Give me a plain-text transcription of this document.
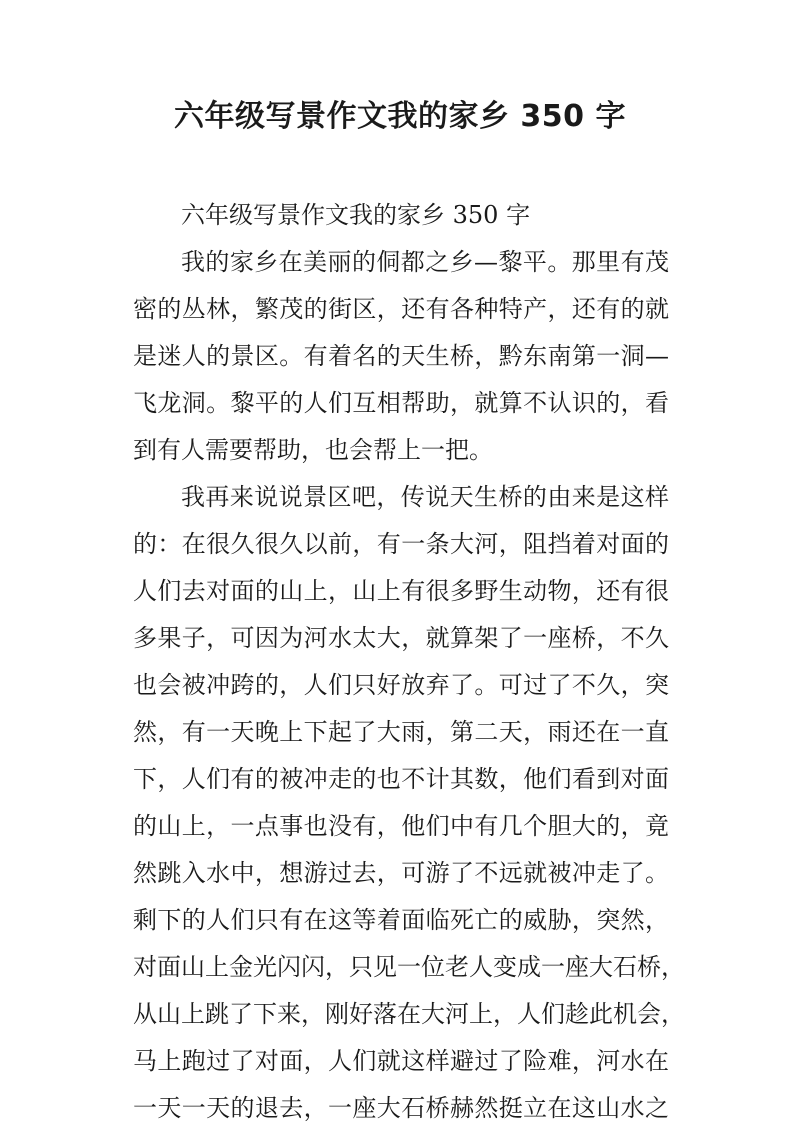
六年级写景作文我的家乡 350 字
六年级写景作文我的家乡 350 字
我的家乡在美丽的侗都之乡—黎平。那里有茂
密的丛林，繁茂的街区，还有各种特产，还有的就
是迷人的景区。有着名的天生桥，黔东南第一洞—
飞龙洞。黎平的人们互相帮助，就算不认识的，看
到有人需要帮助，也会帮上一把。
我再来说说景区吧，传说天生桥的由来是这样
的：在很久很久以前，有一条大河，阻挡着对面的
人们去对面的山上，山上有很多野生动物，还有很
多果子，可因为河水太大，就算架了一座桥，不久
也会被冲跨的，人们只好放弃了。可过了不久，突
然，有一天晚上下起了大雨，第二天，雨还在一直
下，人们有的被冲走的也不计其数，他们看到对面
的山上，一点事也没有，他们中有几个胆大的，竟
然跳入水中，想游过去，可游了不远就被冲走了。
剩下的人们只有在这等着面临死亡的威胁，突然，
对面山上金光闪闪，只见一位老人变成一座大石桥，
从山上跳了下来，刚好落在大河上，人们趁此机会，
马上跑过了对面，人们就这样避过了险难，河水在
一天一天的退去，一座大石桥赫然挺立在这山水之
